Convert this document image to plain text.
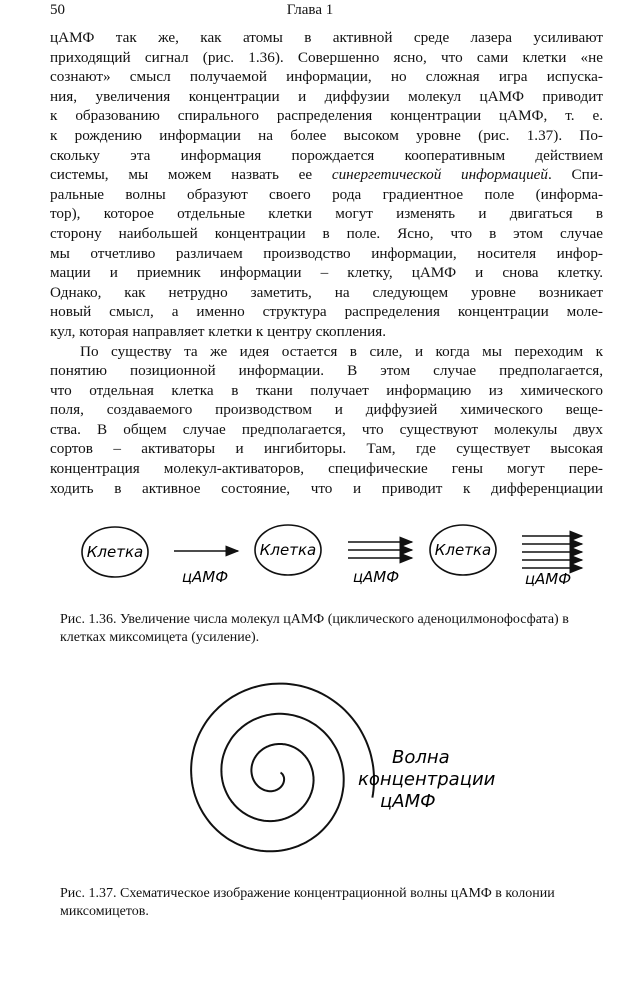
50	Глава 1
цАМФ так же, как атомы в активной среде лазера усиливают
приходящий сигнал (рис. 1.36). Совершенно ясно, что сами клетки «не
сознают» смысл получаемой информации, но сложная игра испуска-
ния, увеличения концентрации и диффузии молекул цАМФ приводит
к образованию спирального распределения концентрации цАМФ, т. е.
к рождению информации на более высоком уровне (рис. 1.37). По-
скольку эта информация порождается кооперативным действием
системы, мы можем назвать ее синергетической информацией. Спи-
ральные волны образуют своего рода градиентное поле (информа-
тор), которое отдельные клетки могут изменять и двигаться в
сторону наибольшей концентрации в поле. Ясно, что в этом случае
мы отчетливо различаем производство информации, носителя инфор-
мации и приемник информации – клетку, цАМФ и снова клетку.
Однако, как нетрудно заметить, на следующем уровне возникает
новый смысл, а именно структура распределения концентрации моле-
кул, которая направляет клетки к центру скопления.
По существу та же идея остается в силе, и когда мы переходим к
понятию позиционной информации. В этом случае предполагается,
что отдельная клетка в ткани получает информацию из химического
поля, создаваемого производством и диффузией химического веще-
ства. В общем случае предполагается, что существуют молекулы двух
сортов – активаторы и ингибиторы. Там, где существует высокая
концентрация молекул-активаторов, специфические гены могут пере-
ходить в активное состояние, что и приводит к дифференциации
Клетка
цАМФ
Клетка
цАМФ
Клетка
цАМФ
Рис. 1.36. Увеличение числа молекул цАМФ (циклического аденоцилмонофосфата) в клетках миксомицета (усиление).
Волна
концентрации
цАМФ
Рис. 1.37. Схематическое изображение концентрационной волны цАМФ в колонии миксомицетов.
